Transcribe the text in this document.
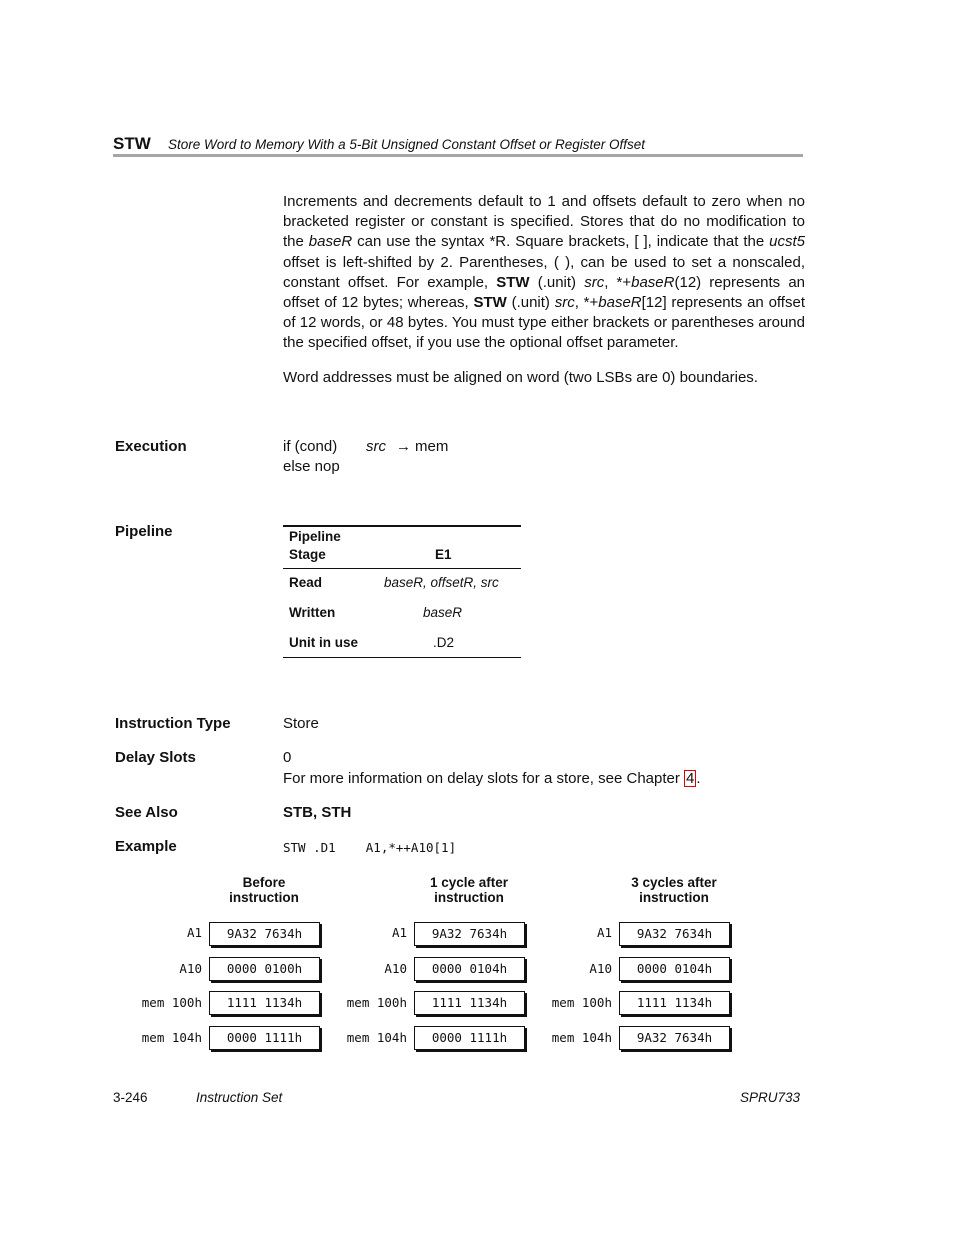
STW Store Word to Memory With a 5-Bit Unsigned Constant Offset or Register Offset
Increments and decrements default to 1 and offsets default to zero when no bracketed register or constant is specified. Stores that do no modification to the baseR can use the syntax *R. Square brackets, [ ], indicate that the ucst5 offset is left-shifted by 2. Parentheses, ( ), can be used to set a nonscaled, constant offset. For example, STW (.unit) src, *+baseR(12) represents an offset of 12 bytes; whereas, STW (.unit) src, *+baseR[12] represents an offset of 12 words, or 48 bytes. You must type either brackets or parentheses around the specified offset, if you use the optional offset parameter.
Word addresses must be aligned on word (two LSBs are 0) boundaries.
Execution	if (cond) src → mem
else nop
Pipeline	Pipeline
Stage	E1
Read	baseR, offsetR, src
Written	baseR
Unit in use	.D2
Instruction Type	Store
Delay Slots	0
For more information on delay slots for a store, see Chapter 4 .
See Also	STB, STH
Example	STW .D1    A1,*++A10[1]
Before
instruction
A1	9A32 7634h
A10	0000 0100h
mem 100h	1111 1134h
mem 104h	0000 1111h
1 cycle after
instruction
A1	9A32 7634h
A10	0000 0104h
mem 100h	1111 1134h
mem 104h	0000 1111h
3 cycles after
instruction
A1	9A32 7634h
A10	0000 0104h
mem 100h	1111 1134h
mem 104h	9A32 7634h
3-246	Instruction Set	SPRU733
